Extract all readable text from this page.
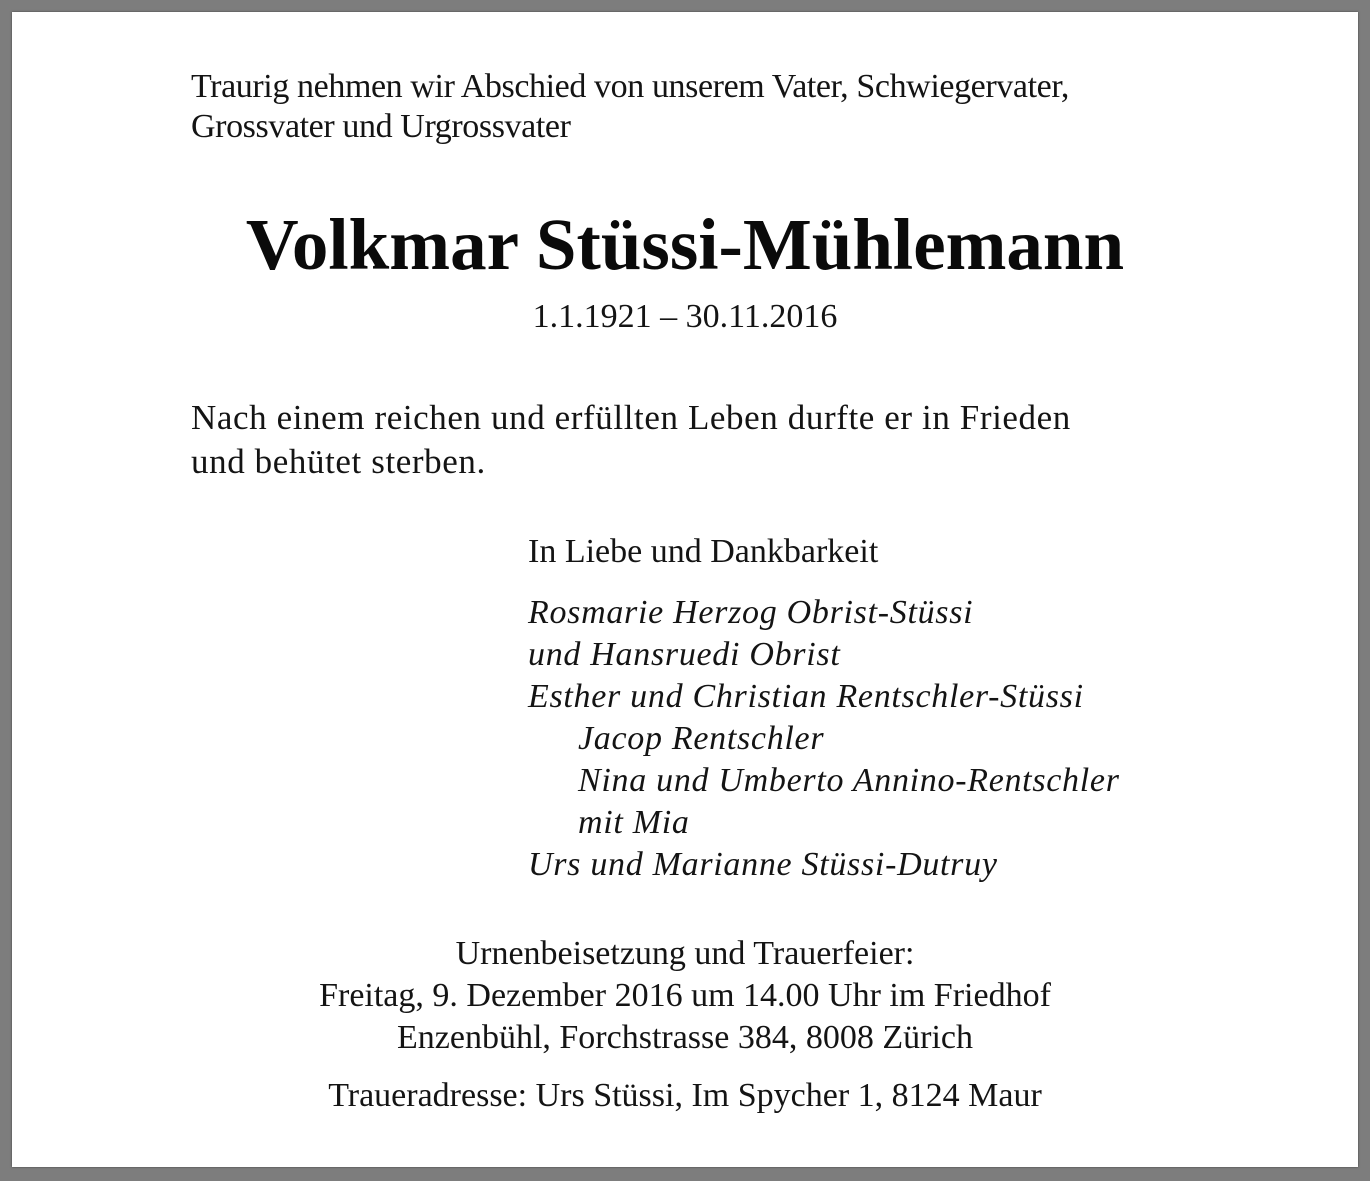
Traurig nehmen wir Abschied von unserem Vater, Schwiegervater,
Grossvater und Urgrossvater

Volkmar Stüssi-Mühlemann

1.1.1921 – 30.11.2016

Nach einem reichen und erfüllten Leben durfte er in Frieden
und behütet sterben.

In Liebe und Dankbarkeit

Rosmarie Herzog Obrist-Stüssi
und Hansruedi Obrist
Esther und Christian Rentschler-Stüssi
Jacop Rentschler
Nina und Umberto Annino-Rentschler
mit Mia
Urs und Marianne Stüssi-Dutruy

Urnenbeisetzung und Trauerfeier:
Freitag, 9. Dezember 2016 um 14.00 Uhr im Friedhof
Enzenbühl, Forchstrasse 384, 8008 Zürich

Traueradresse: Urs Stüssi, Im Spycher 1, 8124 Maur
